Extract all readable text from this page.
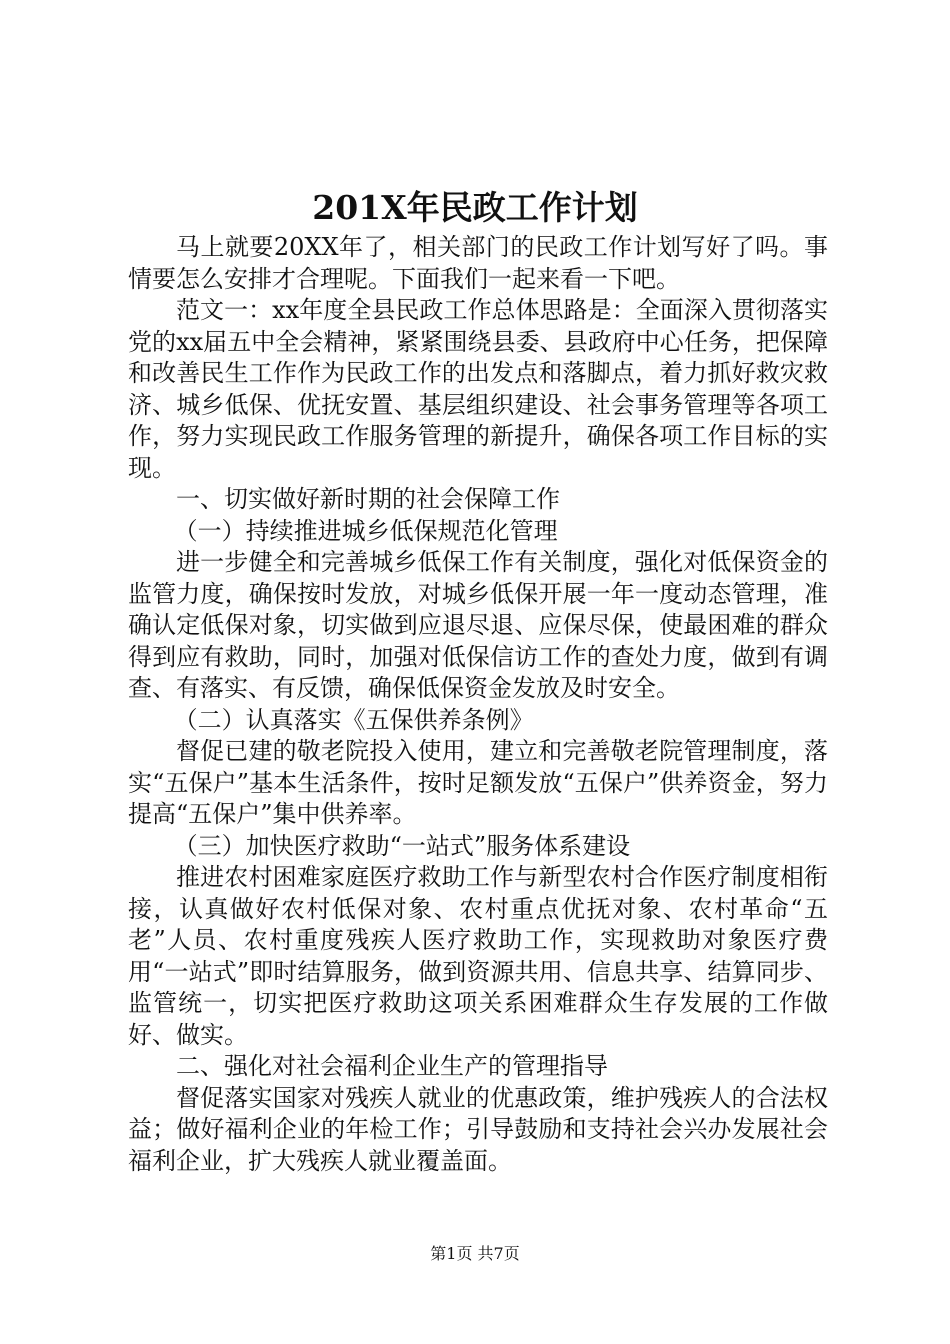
201X年民政工作计划

马上就要20XX年了，相关部门的民政工作计划写好了吗。事情要怎么安排才合理呢。下面我们一起来看一下吧。

范文一：xx年度全县民政工作总体思路是：全面深入贯彻落实党的xx届五中全会精神，紧紧围绕县委、县政府中心任务，把保障和改善民生工作作为民政工作的出发点和落脚点，着力抓好救灾救济、城乡低保、优抚安置、基层组织建设、社会事务管理等各项工作，努力实现民政工作服务管理的新提升，确保各项工作目标的实现。

一、切实做好新时期的社会保障工作

（一）持续推进城乡低保规范化管理

进一步健全和完善城乡低保工作有关制度，强化对低保资金的监管力度，确保按时发放，对城乡低保开展一年一度动态管理，准确认定低保对象，切实做到应退尽退、应保尽保，使最困难的群众得到应有救助，同时，加强对低保信访工作的查处力度，做到有调查、有落实、有反馈，确保低保资金发放及时安全。

（二）认真落实《五保供养条例》

督促已建的敬老院投入使用，建立和完善敬老院管理制度，落实“五保户”基本生活条件，按时足额发放“五保户”供养资金，努力提高“五保户”集中供养率。

（三）加快医疗救助“一站式”服务体系建设

推进农村困难家庭医疗救助工作与新型农村合作医疗制度相衔接，认真做好农村低保对象、农村重点优抚对象、农村革命“五老”人员、农村重度残疾人医疗救助工作，实现救助对象医疗费用“一站式”即时结算服务，做到资源共用、信息共享、结算同步、监管统一，切实把医疗救助这项关系困难群众生存发展的工作做好、做实。

二、强化对社会福利企业生产的管理指导

督促落实国家对残疾人就业的优惠政策，维护残疾人的合法权益；做好福利企业的年检工作；引导鼓励和支持社会兴办发展社会福利企业，扩大残疾人就业覆盖面。

第1页 共7页
